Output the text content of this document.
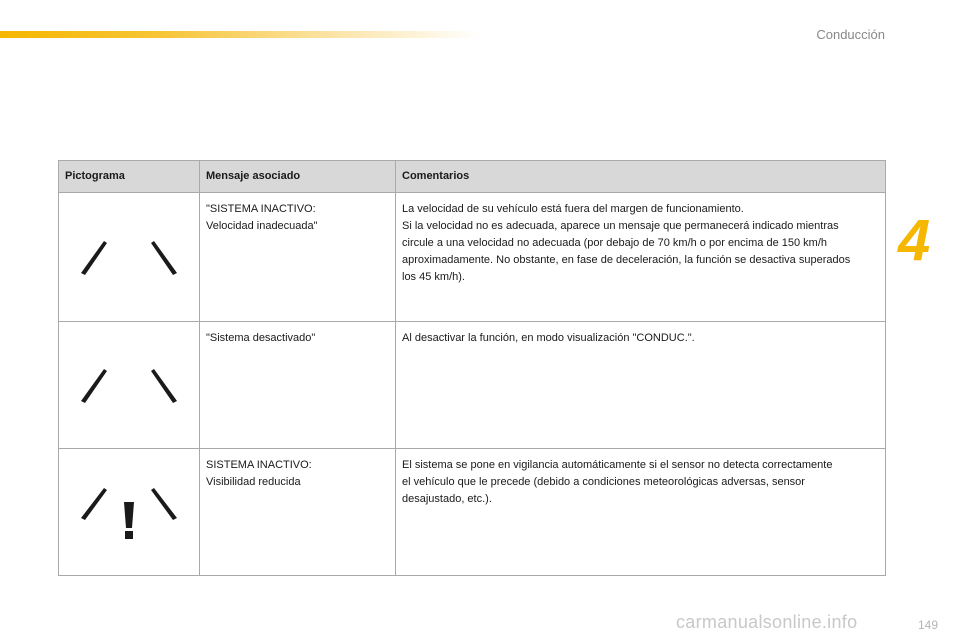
Conducción
4
Pictograma	Mensaje asociado	Comentarios

"SISTEMA INACTIVO:
Velocidad inadecuada"	La velocidad de su vehículo está fuera del margen de funcionamiento.
Si la velocidad no es adecuada, aparece un mensaje que permanecerá indicado mientras
circule a una velocidad no adecuada (por debajo de 70 km/h o por encima de 150 km/h
aproximadamente. No obstante, en fase de deceleración, la función se desactiva superados
los 45 km/h).

"Sistema desactivado"	Al desactivar la función, en modo visualización "CONDUC.".

SISTEMA INACTIVO:
Visibilidad reducida	El sistema se pone en vigilancia automáticamente si el sensor no detecta correctamente
el vehículo que le precede (debido a condiciones meteorológicas adversas, sensor
desajustado, etc.).
carmanualsonline.info	149
